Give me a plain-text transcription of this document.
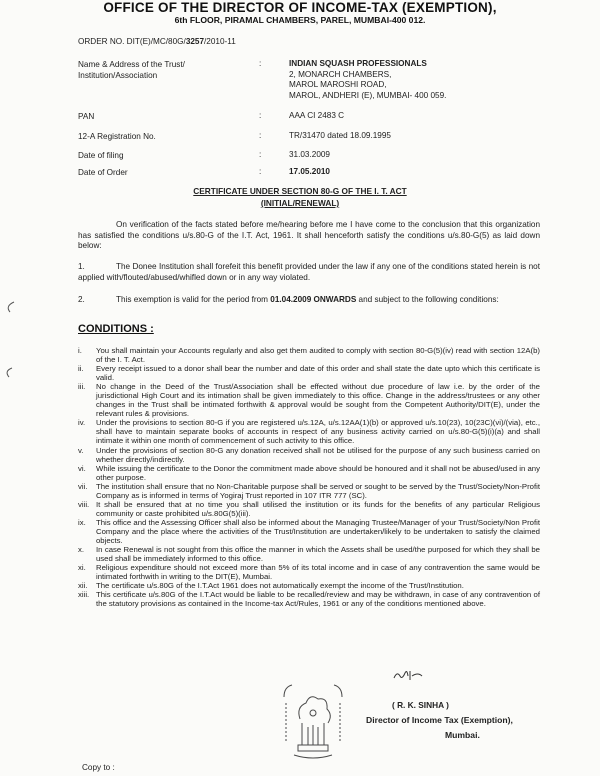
OFFICE OF THE DIRECTOR OF INCOME-TAX (EXEMPTION),
6th FLOOR, PIRAMAL CHAMBERS, PAREL, MUMBAI-400 012.
ORDER NO. DIT(E)/MC/80G/3257/2010-11
Name & Address of the Trust/
Institution/Association
:	INDIAN SQUASH PROFESSIONALS
2, MONARCH CHAMBERS,
MAROL MAROSHI ROAD,
MAROL, ANDHERI (E), MUMBAI- 400 059.
PAN	:	AAA CI 2483 C
12-A Registration No.	:	TR/31470 dated 18.09.1995
Date of filing	:	31.03.2009
Date of Order	:	17.05.2010
CERTIFICATE UNDER SECTION 80-G OF THE I. T. ACT
(INITIAL/RENEWAL)
On verification of the facts stated before me/hearing before me I have come to the conclusion that this organization has satisfied the conditions u/s.80-G of the I.T. Act, 1961. It shall henceforth satisfy the conditions u/s.80-G(5) as laid down below:
1.	The Donee Institution shall forefeit this benefit provided under the law if any one of the conditions stated herein is not applied with/flouted/abused/whifled down or in any way violated.
2.	This exemption is valid for the period from 01.04.2009 ONWARDS and subject to the following conditions:
CONDITIONS :
i. You shall maintain your Accounts regularly and also get them audited to comply with section 80-G(5)(iv) read with section 12A(b) of the I. T. Act.
ii. Every receipt issued to a donor shall bear the number and date of this order and shall state the date upto which this certificate is valid.
iii. No change in the Deed of the Trust/Association shall be effected without due procedure of law i.e. by the order of the jurisdictional High Court and its intimation shall be given immediately to this office. Change in the address/trustees or any other changes in the Trust shall be intimated forthwith & approval would be sought from the Competent Authority/DIT(E), under the relevant rules & provisions.
iv. Under the provisions to section 80-G if you are registered u/s.12A, u/s.12AA(1)(b) or approved u/s.10(23), 10(23C)(vi)/(via), etc., shall have to maintain separate books of accounts in respect of any business activity carried on u/s.80-G(5)(i)(a) and shall intimate it within one month of commencement of such activity to this office.
v. Under the provisions of section 80-G any donation received shall not be utilised for the purpose of any such business carried on whether directly/indirectly.
vi. While issuing the certificate to the Donor the commitment made above should be honoured and it shall not be abused/used in any other purpose.
vii. The institution shall ensure that no Non-Charitable purpose shall be served or sought to be served by the Trust/Society/Non-Profit Company as is informed in terms of Yogiraj Trust reported in 107 ITR 777 (SC).
viii. It shall be ensured that at no time you shall utilised the institution or its funds for the benefits of any particular Religious community or caste prohibited u/s.80G(5)(iii).
ix. This office and the Assessing Officer shall also be informed about the Managing Trustee/Manager of your Trust/Society/Non Profit Company and the place where the activities of the Trust/Institution are undertaken/likely to be undertaken to satisfy the claimed objects.
x. In case Renewal is not sought from this office the manner in which the Assets shall be used/the purposed for which they shall be used shall be immediately informed to this office.
xi. Religious expenditure should not exceed more than 5% of its total income and in case of any contravention the same would be intimated forthwith in writing to the DIT(E), Mumbai.
xii. The certificate u/s.80G of the I.T.Act 1961 does not automatically exempt the income of the Trust/Institution.
xiii. This certificate u/s.80G of the I.T.Act would be liable to be recalled/review and may be withdrawn, in case of any contravention of the statutory provisions as contained in the Income-tax Act/Rules, 1961 or any of the conditions mentioned above.
( R. K. SINHA )
Director of Income Tax (Exemption),
Mumbai.
Copy to :
